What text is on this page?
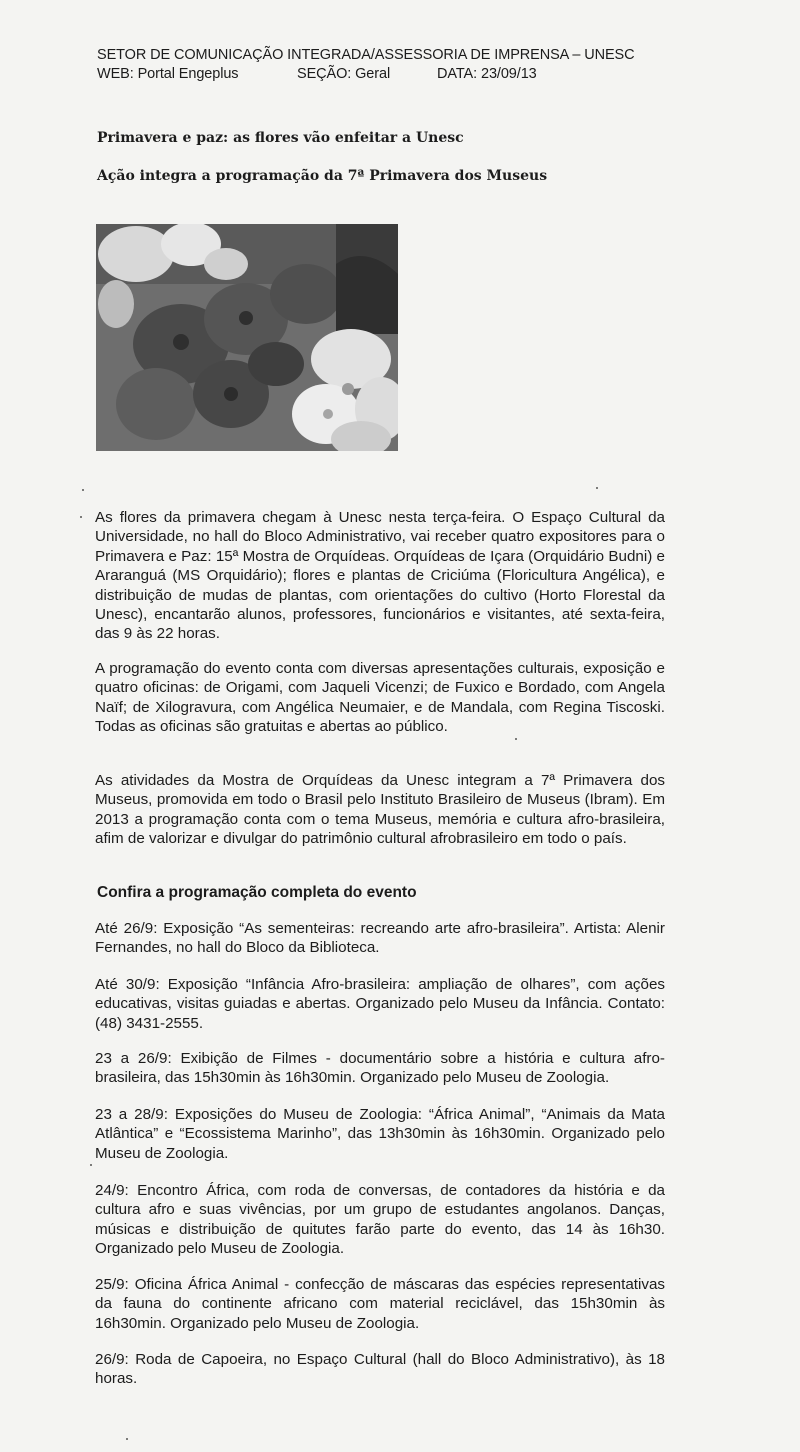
SETOR DE COMUNICAÇÃO INTEGRADA/ASSESSORIA DE IMPRENSA – UNESC
WEB: Portal Engeplus	SEÇÃO: Geral	DATA: 23/09/13
Primavera e paz: as flores vão enfeitar a Unesc
Ação integra a programação da 7ª Primavera dos Museus
As flores da primavera chegam à Unesc nesta terça-feira. O Espaço Cultural da Universidade, no hall do Bloco Administrativo, vai receber quatro expositores para o Primavera e Paz: 15ª Mostra de Orquídeas. Orquídeas de Içara (Orquidário Budni) e Araranguá (MS Orquidário); flores e plantas de Criciúma (Floricultura Angélica), e distribuição de mudas de plantas, com orientações do cultivo (Horto Florestal da Unesc), encantarão alunos, professores, funcionários e visitantes, até sexta-feira, das 9 às 22 horas.
A programação do evento conta com diversas apresentações culturais, exposição e quatro oficinas: de Origami, com Jaqueli Vicenzi; de Fuxico e Bordado, com Angela Naïf; de Xilogravura, com Angélica Neumaier, e de Mandala, com Regina Tiscoski. Todas as oficinas são gratuitas e abertas ao público.
As atividades da Mostra de Orquídeas da Unesc integram a 7ª Primavera dos Museus, promovida em todo o Brasil pelo Instituto Brasileiro de Museus (Ibram). Em 2013 a programação conta com o tema Museus, memória e cultura afro-brasileira, afim de valorizar e divulgar do patrimônio cultural afrobrasileiro em todo o país.
Confira a programação completa do evento
Até 26/9: Exposição “As sementeiras: recreando arte afro-brasileira”. Artista: Alenir Fernandes, no hall do Bloco da Biblioteca.
Até 30/9: Exposição “Infância Afro-brasileira: ampliação de olhares”, com ações educativas, visitas guiadas e abertas. Organizado pelo Museu da Infância. Contato: (48) 3431-2555.
23 a 26/9: Exibição de Filmes - documentário sobre a história e cultura afro-brasileira, das 15h30min às 16h30min. Organizado pelo Museu de Zoologia.
23 a 28/9: Exposições do Museu de Zoologia: “África Animal”, “Animais da Mata Atlântica” e “Ecossistema Marinho”, das 13h30min às 16h30min. Organizado pelo Museu de Zoologia.
24/9: Encontro África, com roda de conversas, de contadores da história e da cultura afro e suas vivências, por um grupo de estudantes angolanos. Danças, músicas e distribuição de quitutes farão parte do evento, das 14 às 16h30. Organizado pelo Museu de Zoologia.
25/9: Oficina África Animal - confecção de máscaras das espécies representativas da fauna do continente africano com material reciclável, das 15h30min às 16h30min. Organizado pelo Museu de Zoologia.
26/9: Roda de Capoeira, no Espaço Cultural (hall do Bloco Administrativo), às 18 horas.
